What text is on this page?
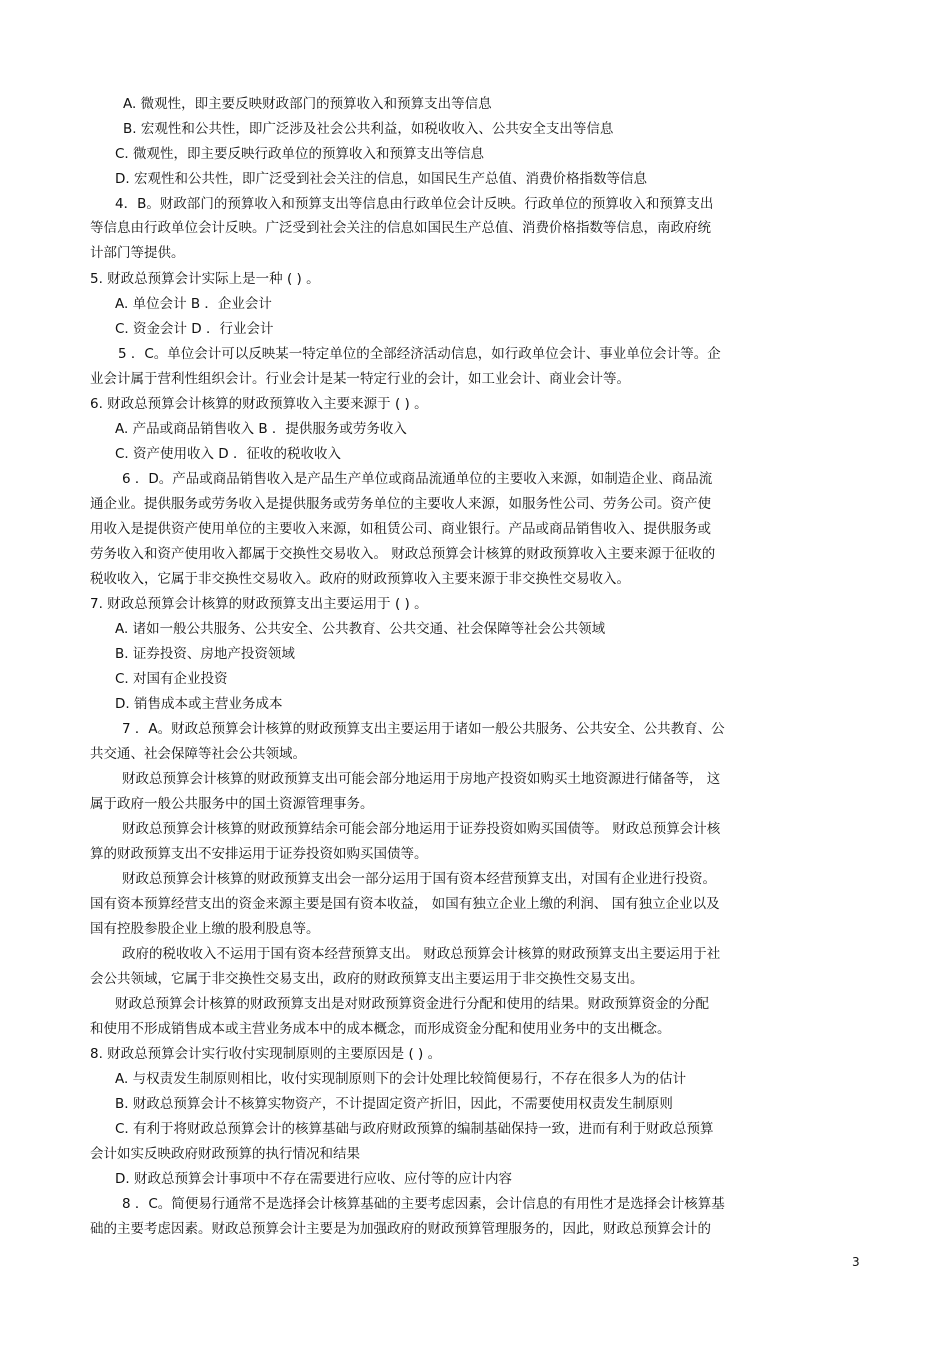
A. 微观性，即主要反映财政部门的预算收入和预算支出等信息
B. 宏观性和公共性，即广泛涉及社会公共利益，如税收收入、公共安全支出等信息
C. 微观性，即主要反映行政单位的预算收入和预算支出等信息
D. 宏观性和公共性，即广泛受到社会关注的信息，如国民生产总值、消费价格指数等信息
4．B。财政部门的预算收入和预算支出等信息由行政单位会计反映。行政单位的预算收入和预算支出
等信息由行政单位会计反映。广泛受到社会关注的信息如国民生产总值、消费价格指数等信息，南政府统
计部门等提供。
5. 财政总预算会计实际上是一种 ( ) 。
A. 单位会计 B ．企业会计
C. 资金会计 D ．行业会计
5 ．C。单位会计可以反映某一特定单位的全部经济活动信息，如行政单位会计、事业单位会计等。企
业会计属于营利性组织会计。行业会计是某一特定行业的会计，如工业会计、商业会计等。
6. 财政总预算会计核算的财政预算收入主要来源于 ( ) 。
A. 产品或商品销售收入 B ．提供服务或劳务收入
C. 资产使用收入 D ．征收的税收收入
6 ．D。产品或商品销售收入是产品生产单位或商品流通单位的主要收入来源，如制造企业、商品流
通企业。提供服务或劳务收入是提供服务或劳务单位的主要收人来源，如服务性公司、劳务公司。资产使
用收入是提供资产使用单位的主要收入来源，如租赁公司、商业银行。产品或商品销售收入、提供服务或
劳务收入和资产使用收入都属于交换性交易收入。 财政总预算会计核算的财政预算收入主要来源于征收的
税收收入，它属于非交换性交易收入。政府的财政预算收入主要来源于非交换性交易收入。
7. 财政总预算会计核算的财政预算支出主要运用于 ( ) 。
A. 诸如一般公共服务、公共安全、公共教育、公共交通、社会保障等社会公共领域
B. 证券投资、房地产投资领域
C. 对国有企业投资
D. 销售成本或主营业务成本
7 ．A。财政总预算会计核算的财政预算支出主要运用于诸如一般公共服务、公共安全、公共教育、公
共交通、社会保障等社会公共领域。
财政总预算会计核算的财政预算支出可能会部分地运用于房地产投资如购买土地资源进行储备等， 这
属于政府一般公共服务中的国土资源管理事务。
财政总预算会计核算的财政预算结余可能会部分地运用于证券投资如购买国债等。 财政总预算会计核
算的财政预算支出不安排运用于证券投资如购买国债等。
财政总预算会计核算的财政预算支出会一部分运用于国有资本经营预算支出，对国有企业进行投资。
国有资本预算经营支出的资金来源主要是国有资本收益， 如国有独立企业上缴的利润、 国有独立企业以及
国有控股参股企业上缴的股利股息等。
政府的税收收入不运用于国有资本经营预算支出。 财政总预算会计核算的财政预算支出主要运用于社
会公共领域，它属于非交换性交易支出，政府的财政预算支出主要运用于非交换性交易支出。
财政总预算会计核算的财政预算支出是对财政预算资金进行分配和使用的结果。财政预算资金的分配
和使用不形成销售成本或主营业务成本中的成本概念，而形成资金分配和使用业务中的支出概念。
8. 财政总预算会计实行收付实现制原则的主要原因是 ( ) 。
A. 与权责发生制原则相比，收付实现制原则下的会计处理比较简便易行，不存在很多人为的估计
B. 财政总预算会计不核算实物资产，不计提固定资产折旧，因此，不需要使用权责发生制原则
C. 有利于将财政总预算会计的核算基础与政府财政预算的编制基础保持一致，进而有利于财政总预算
会计如实反映政府财政预算的执行情况和结果
D. 财政总预算会计事项中不存在需要进行应收、应付等的应计内容
8 ．C。简便易行通常不是选择会计核算基础的主要考虑因素，会计信息的有用性才是选择会计核算基
础的主要考虑因素。财政总预算会计主要是为加强政府的财政预算管理服务的，因此，财政总预算会计的
3
